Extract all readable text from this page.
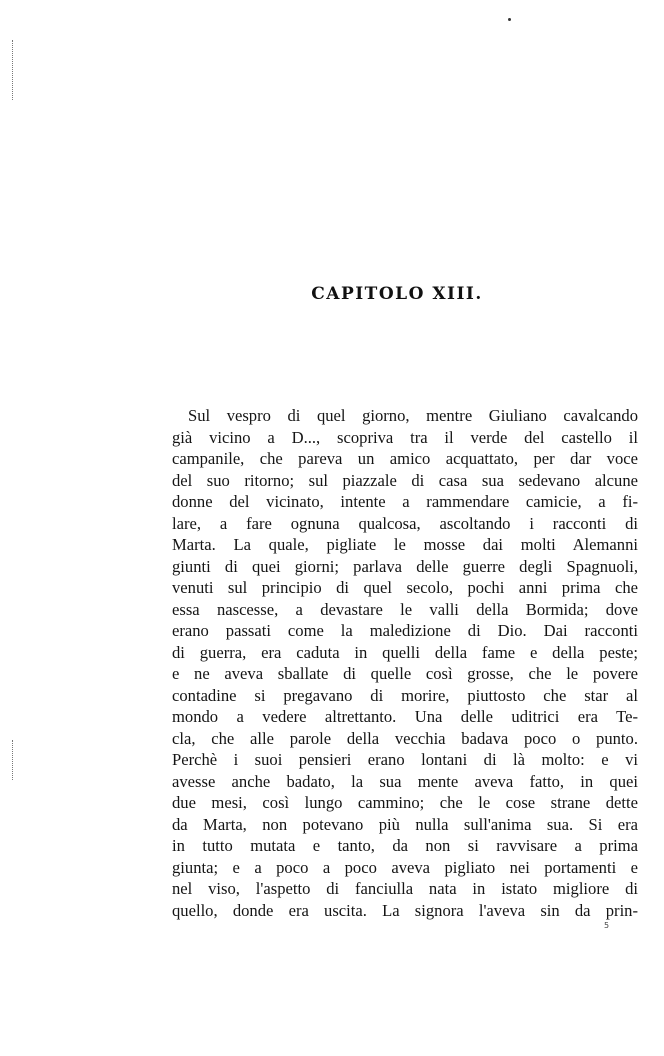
CAPITOLO XIII.
Sul vespro di quel giorno, mentre Giuliano cavalcando
già vicino a D..., scopriva tra il verde del castello il
campanile, che pareva un amico acquattato, per dar voce
del suo ritorno; sul piazzale di casa sua sedevano alcune
donne del vicinato, intente a rammendare camicie, a fi-
lare, a fare ognuna qualcosa, ascoltando i racconti di
Marta. La quale, pigliate le mosse dai molti Alemanni
giunti di quei giorni; parlava delle guerre degli Spagnuoli,
venuti sul principio di quel secolo, pochi anni prima che
essa nascesse, a devastare le valli della Bormida; dove
erano passati come la maledizione di Dio. Dai racconti
di guerra, era caduta in quelli della fame e della peste;
e ne aveva sballate di quelle così grosse, che le povere
contadine si pregavano di morire, piuttosto che star al
mondo a vedere altrettanto. Una delle uditrici era Te-
cla, che alle parole della vecchia badava poco o punto.
Perchè i suoi pensieri erano lontani di là molto: e vi
avesse anche badato, la sua mente aveva fatto, in quei
due mesi, così lungo cammino; che le cose strane dette
da Marta, non potevano più nulla sull'anima sua. Si era
in tutto mutata e tanto, da non si ravvisare a prima
giunta; e a poco a poco aveva pigliato nei portamenti e
nel viso, l'aspetto di fanciulla nata in istato migliore di
quello, donde era uscita. La signora l'aveva sin da prin-
5
